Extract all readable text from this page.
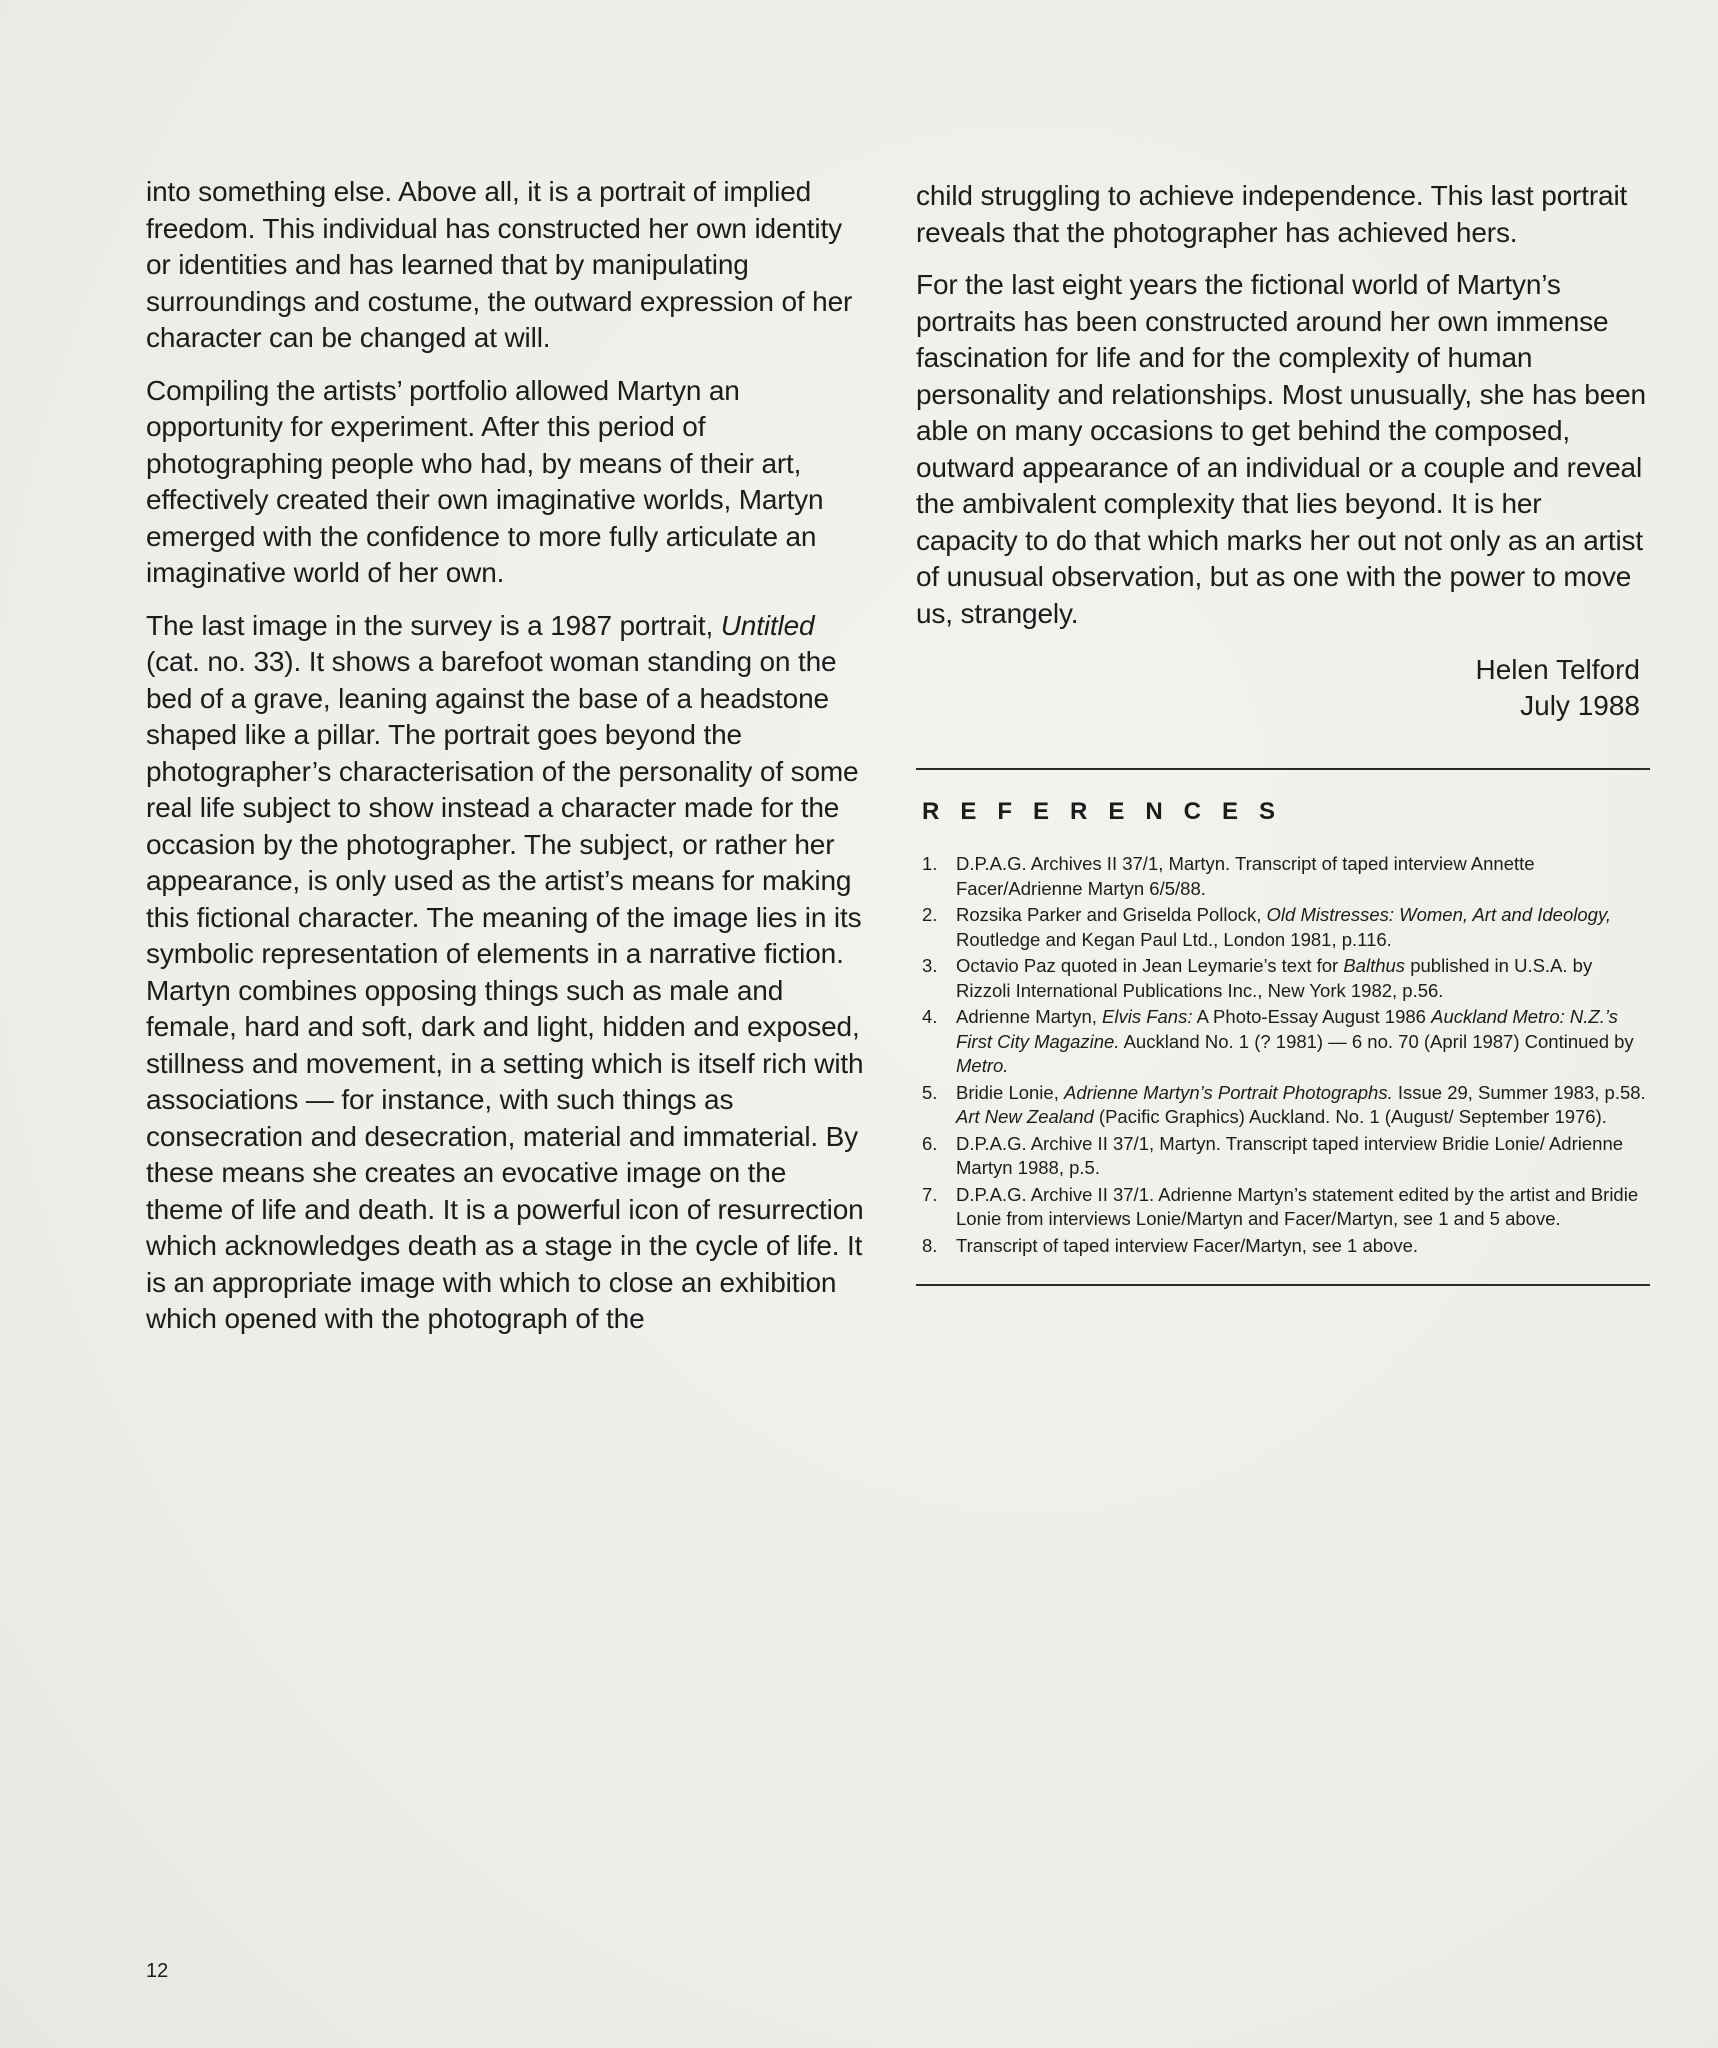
into something else. Above all, it is a portrait of implied freedom. This individual has constructed her own identity or identities and has learned that by manipulating surroundings and costume, the outward expression of her character can be changed at will.

Compiling the artists’ portfolio allowed Martyn an opportunity for experiment. After this period of photographing people who had, by means of their art, effectively created their own imaginative worlds, Martyn emerged with the confidence to more fully articulate an imaginative world of her own.

The last image in the survey is a 1987 portrait, Untitled (cat. no. 33). It shows a barefoot woman standing on the bed of a grave, leaning against the base of a headstone shaped like a pillar. The portrait goes beyond the photographer’s characterisation of the personality of some real life subject to show instead a character made for the occasion by the photographer. The subject, or rather her appearance, is only used as the artist’s means for making this fictional character. The meaning of the image lies in its symbolic representation of elements in a narrative fiction. Martyn combines opposing things such as male and female, hard and soft, dark and light, hidden and exposed, stillness and movement, in a setting which is itself rich with associations — for instance, with such things as consecration and desecration, material and immaterial. By these means she creates an evocative image on the theme of life and death. It is a powerful icon of resurrection which acknowledges death as a stage in the cycle of life. It is an appropriate image with which to close an exhibition which opened with the photograph of the

child struggling to achieve independence. This last portrait reveals that the photographer has achieved hers.

For the last eight years the fictional world of Martyn’s portraits has been constructed around her own immense fascination for life and for the complexity of human personality and relationships. Most unusually, she has been able on many occasions to get behind the composed, outward appearance of an individual or a couple and reveal the ambivalent complexity that lies beyond. It is her capacity to do that which marks her out not only as an artist of unusual observation, but as one with the power to move us, strangely.

Helen Telford
July 1988
REFERENCES
1.	D.P.A.G. Archives II 37/1, Martyn. Transcript of taped interview Annette Facer/Adrienne Martyn 6/5/88.
2.	Rozsika Parker and Griselda Pollock, Old Mistresses: Women, Art and Ideology, Routledge and Kegan Paul Ltd., London 1981, p.116.
3.	Octavio Paz quoted in Jean Leymarie’s text for Balthus published in U.S.A. by Rizzoli International Publications Inc., New York 1982, p.56.
4.	Adrienne Martyn, Elvis Fans: A Photo-Essay August 1986 Auckland Metro: N.Z.’s First City Magazine. Auckland No. 1 (? 1981) — 6 no. 70 (April 1987) Continued by Metro.
5.	Bridie Lonie, Adrienne Martyn’s Portrait Photographs. Issue 29, Summer 1983, p.58. Art New Zealand (Pacific Graphics) Auckland. No. 1 (August/ September 1976).
6.	D.P.A.G. Archive II 37/1, Martyn. Transcript taped interview Bridie Lonie/ Adrienne Martyn 1988, p.5.
7.	D.P.A.G. Archive II 37/1. Adrienne Martyn’s statement edited by the artist and Bridie Lonie from interviews Lonie/Martyn and Facer/Martyn, see 1 and 5 above.
8.	Transcript of taped interview Facer/Martyn, see 1 above.
12
